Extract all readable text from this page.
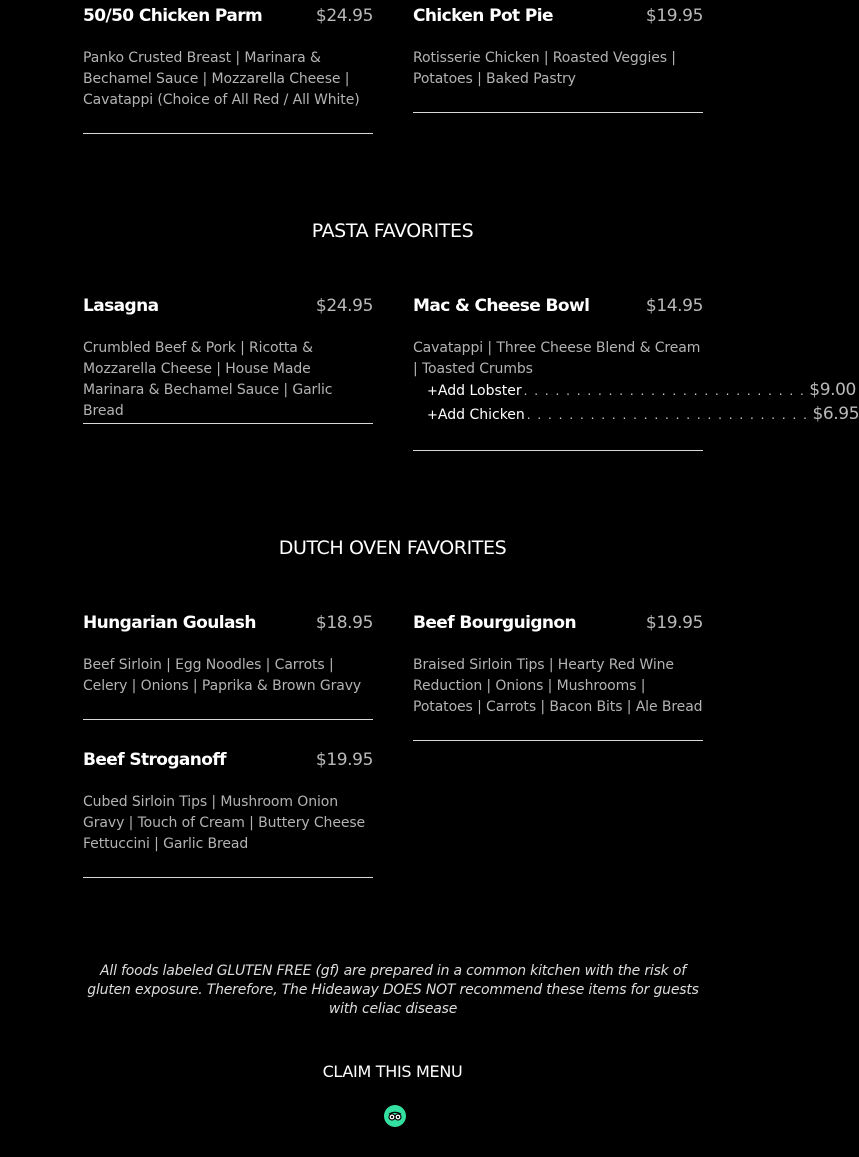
50/50 Chicken Parm	$24.95
Panko Crusted Breast | Marinara & Bechamel Sauce | Mozzarella Cheese | Cavatappi (Choice of All Red / All White)
Chicken Pot Pie	$19.95
Rotisserie Chicken | Roasted Veggies | Potatoes | Baked Pastry
PASTA FAVORITES
Lasagna	$24.95
Crumbled Beef & Pork | Ricotta & Mozzarella Cheese | House Made Marinara & Bechamel Sauce | Garlic Bread
Mac & Cheese Bowl	$14.95
Cavatappi | Three Cheese Blend & Cream | Toasted Crumbs
+ Add Lobster . . . . . . . . . . . . . . . . . . . . . . . . . . . $9.00
+ Add Chicken . . . . . . . . . . . . . . . . . . . . . . . . . . . $6.95
DUTCH OVEN FAVORITES
Hungarian Goulash	$18.95
Beef Sirloin | Egg Noodles | Carrots | Celery | Onions | Paprika & Brown Gravy
Beef Bourguignon	$19.95
Braised Sirloin Tips | Hearty Red Wine Reduction | Onions | Mushrooms | Potatoes | Carrots | Bacon Bits | Ale Bread
Beef Stroganoff	$19.95
Cubed Sirloin Tips | Mushroom Onion Gravy | Touch of Cream | Buttery Cheese Fettuccini | Garlic Bread
All foods labeled GLUTEN FREE (gf) are prepared in a common kitchen with the risk of gluten exposure. Therefore, The Hideaway DOES NOT recommend these items for guests with celiac disease
CLAIM THIS MENU
